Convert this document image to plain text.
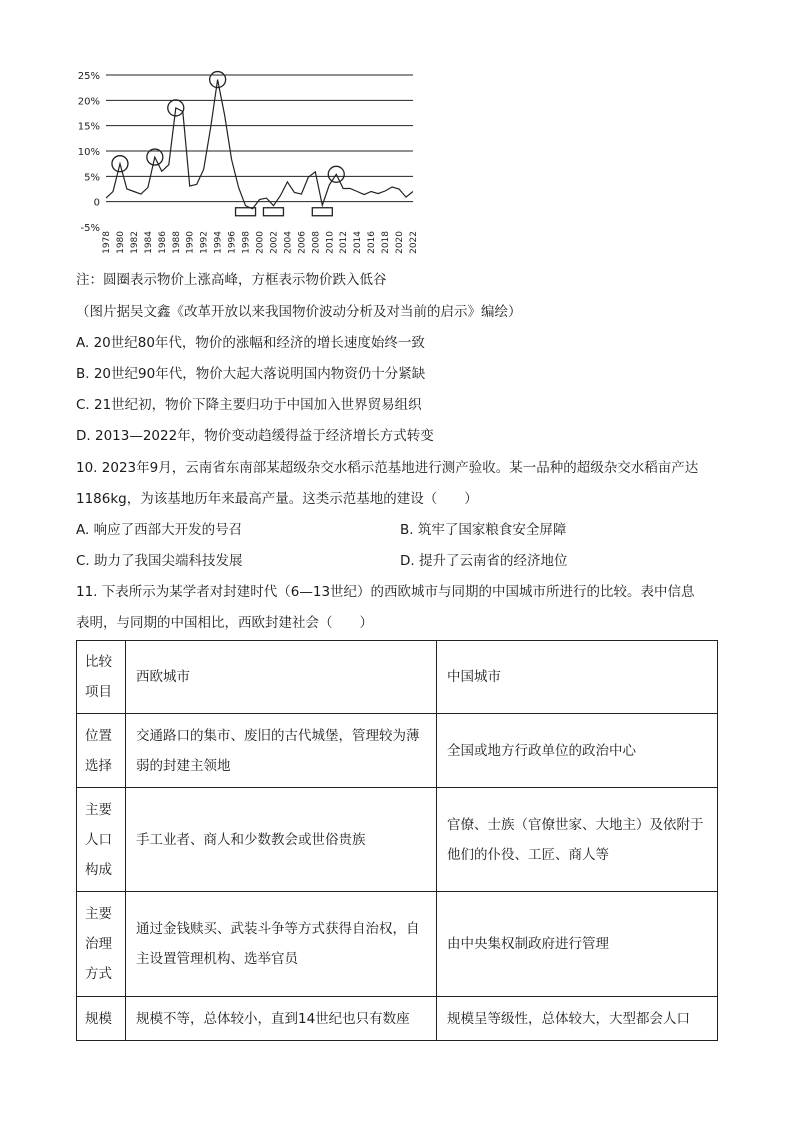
25%
20%
15%
10%
5%
0
-5%
1978 1980 1982 1984 1986 1988 1990 1992 1994 1996 1998 2000 2002 2004 2006 2008 2010 2012 2014 2016 2018 2020 2022
注：圆圈表示物价上涨高峰，方框表示物价跌入低谷
（图片据吴文鑫《改革开放以来我国物价波动分析及对当前的启示》编绘）
A. 20世纪80年代，物价的涨幅和经济的增长速度始终一致
B. 20世纪90年代，物价大起大落说明国内物资仍十分紧缺
C. 21世纪初，物价下降主要归功于中国加入世界贸易组织
D. 2013—2022年，物价变动趋缓得益于经济增长方式转变
10. 2023年9月，云南省东南部某超级杂交水稻示范基地进行测产验收。某一品种的超级杂交水稻亩产达
1186kg，为该基地历年来最高产量。这类示范基地的建设（　　）
A. 响应了西部大开发的号召	B. 筑牢了国家粮食安全屏障
C. 助力了我国尖端科技发展	D. 提升了云南省的经济地位
11. 下表所示为某学者对封建时代（6—13世纪）的西欧城市与同期的中国城市所进行的比较。表中信息
表明，与同期的中国相比，西欧封建社会（　　）
比较项目	西欧城市	中国城市
位置选择	交通路口的集市、废旧的古代城堡，管理较为薄弱的封建主领地	全国或地方行政单位的政治中心
主要人口构成	手工业者、商人和少数教会或世俗贵族	官僚、士族（官僚世家、大地主）及依附于他们的仆役、工匠、商人等
主要治理方式	通过金钱赎买、武装斗争等方式获得自治权，自主设置管理机构、选举官员	由中央集权制政府进行管理
规模	规模不等，总体较小，直到14世纪也只有数座	规模呈等级性，总体较大，大型都会人口
